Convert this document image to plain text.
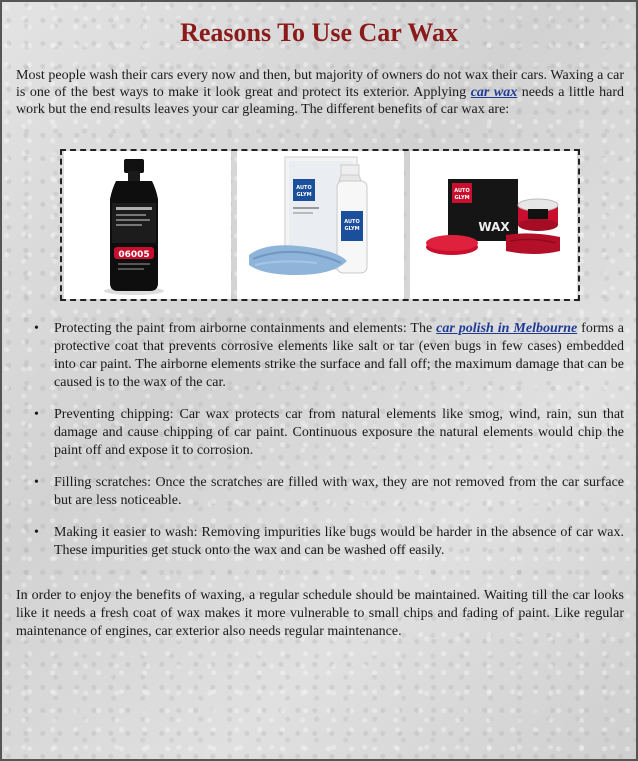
Reasons To Use Car Wax

Most people wash their cars every now and then, but majority of owners do not wax their cars. Waxing a car is one of the best ways to make it look great and protect its exterior. Applying car wax needs a little hard work but the end results leaves your car gleaming. The different benefits of car wax are:

06005
AUTO
GLYM
AUTO
GLYM
AUTO
GLYM
WAX
• Protecting the paint from airborne containments and elements: The car polish in Melbourne forms a protective coat that prevents corrosive elements like salt or tar (even bugs in few cases) embedded into car paint. The airborne elements strike the surface and fall off; the maximum damage that can be caused is to the wax of the car.
• Preventing chipping: Car wax protects car from natural elements like smog, wind, rain, sun that damage and cause chipping of car paint. Continuous exposure the natural elements would chip the paint off and expose it to corrosion.
• Filling scratches: Once the scratches are filled with wax, they are not removed from the car surface but are less noticeable.
• Making it easier to wash: Removing impurities like bugs would be harder in the absence of car wax. These impurities get stuck onto the wax and can be washed off easily.

In order to enjoy the benefits of waxing, a regular schedule should be maintained. Waiting till the car looks like it needs a fresh coat of wax makes it more vulnerable to small chips and fading of paint. Like regular maintenance of engines, car exterior also needs regular maintenance.
